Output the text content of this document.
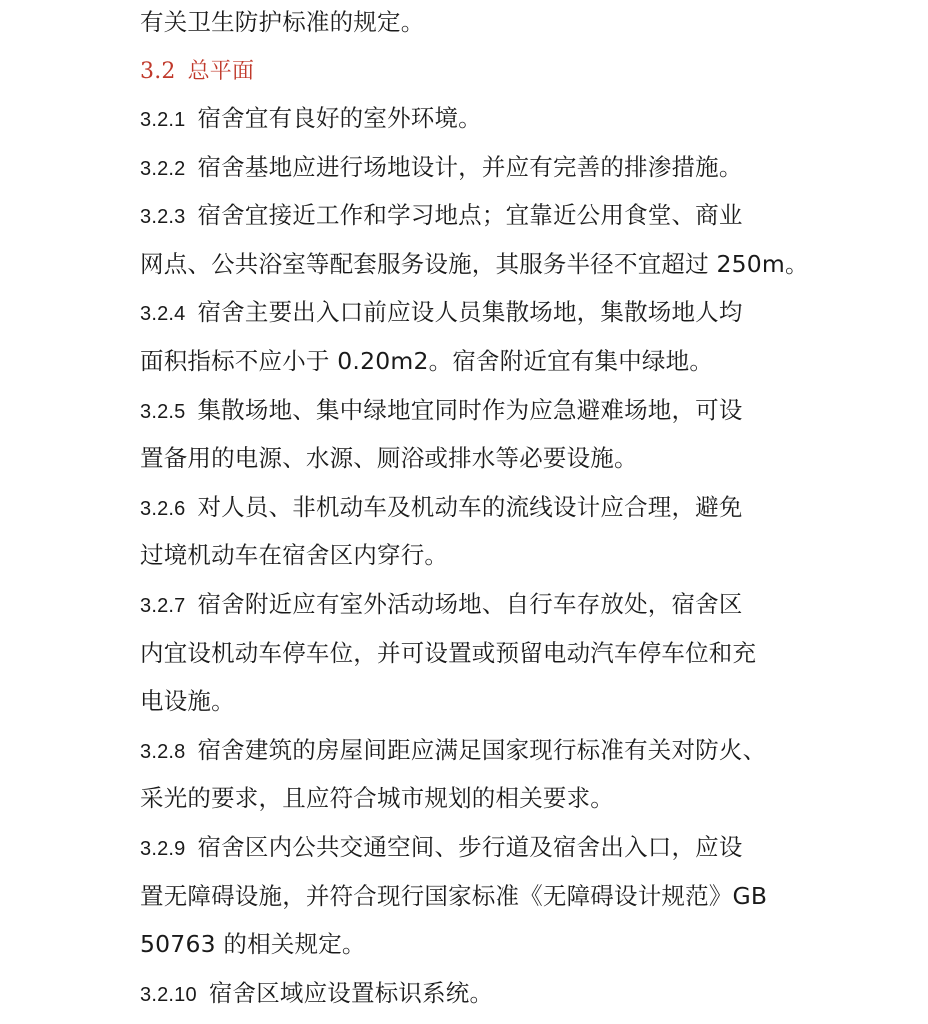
有关卫生防护标准的规定。
3.2 总平面
3.2.1 宿舍宜有良好的室外环境。
3.2.2 宿舍基地应进行场地设计，并应有完善的排渗措施。
3.2.3 宿舍宜接近工作和学习地点；宜靠近公用食堂、商业
网点、公共浴室等配套服务设施，其服务半径不宜超过 250m。
3.2.4 宿舍主要出入口前应设人员集散场地，集散场地人均
面积指标不应小于 0.20m2。宿舍附近宜有集中绿地。
3.2.5 集散场地、集中绿地宜同时作为应急避难场地，可设
置备用的电源、水源、厕浴或排水等必要设施。
3.2.6 对人员、非机动车及机动车的流线设计应合理，避免
过境机动车在宿舍区内穿行。
3.2.7 宿舍附近应有室外活动场地、自行车存放处，宿舍区
内宜设机动车停车位，并可设置或预留电动汽车停车位和充
电设施。
3.2.8 宿舍建筑的房屋间距应满足国家现行标准有关对防火、
采光的要求，且应符合城市规划的相关要求。
3.2.9 宿舍区内公共交通空间、步行道及宿舍出入口，应设
置无障碍设施，并符合现行国家标准《无障碍设计规范》GB
50763 的相关规定。
3.2.10 宿舍区域应设置标识系统。
